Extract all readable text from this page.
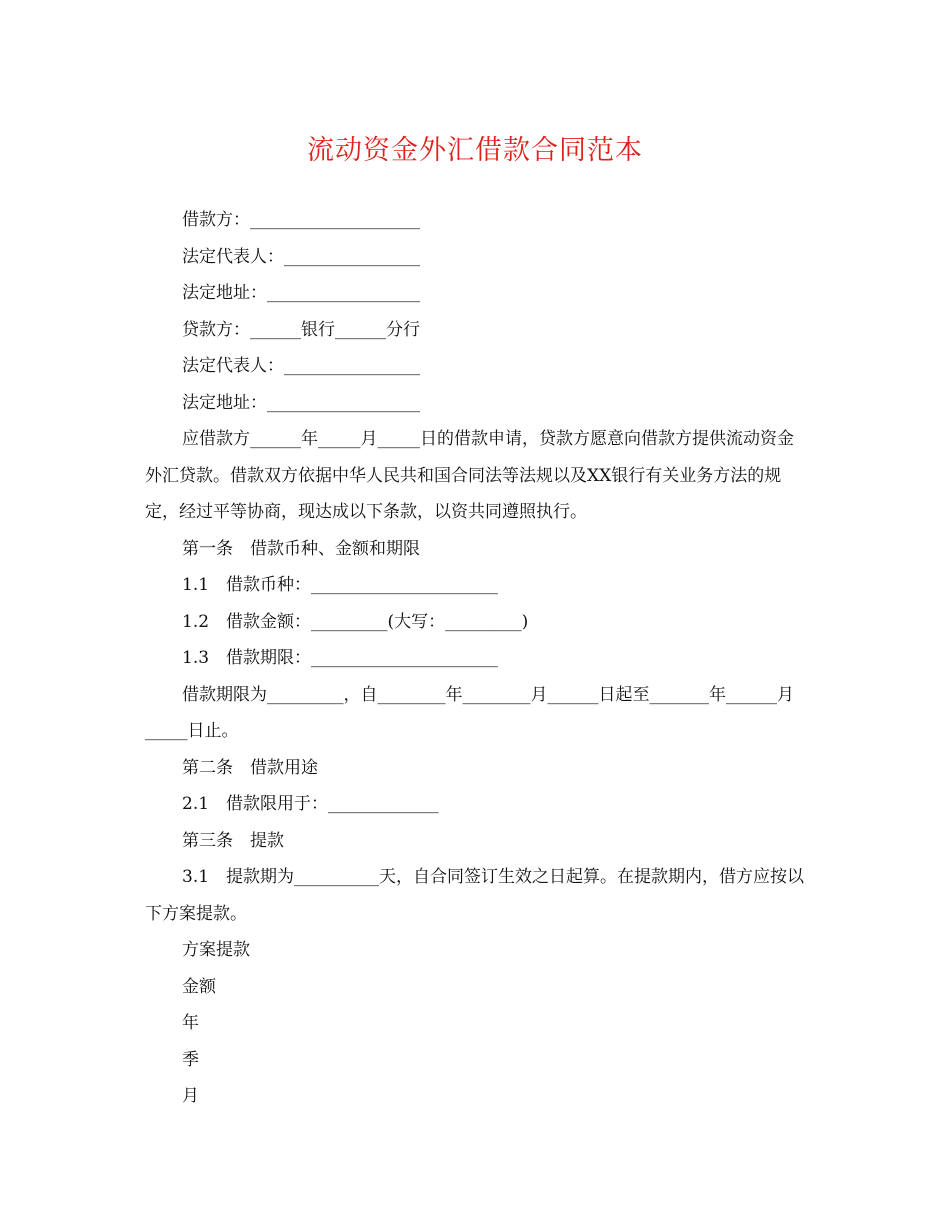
流动资金外汇借款合同范本

借款方：____________________

法定代表人：________________

法定地址：__________________

贷款方：______银行______分行

法定代表人：________________

法定地址：__________________

应借款方______年_____月_____日的借款申请，贷款方愿意向借款方提供流动资金外汇贷款。借款双方依据中华人民共和国合同法等法规以及XX银行有关业务方法的规定，经过平等协商，现达成以下条款，以资共同遵照执行。

第一条　借款币种、金额和期限

1.1　借款币种：______________________

1.2　借款金额：_________(大写：_________)

1.3　借款期限：______________________

借款期限为_________，自________年________月______日起至_______年______月_____日止。

第二条　借款用途

2.1　借款限用于：_____________

第三条　提款

3.1　提款期为__________天，自合同签订生效之日起算。在提款期内，借方应按以下方案提款。

方案提款

金额

年

季

月
